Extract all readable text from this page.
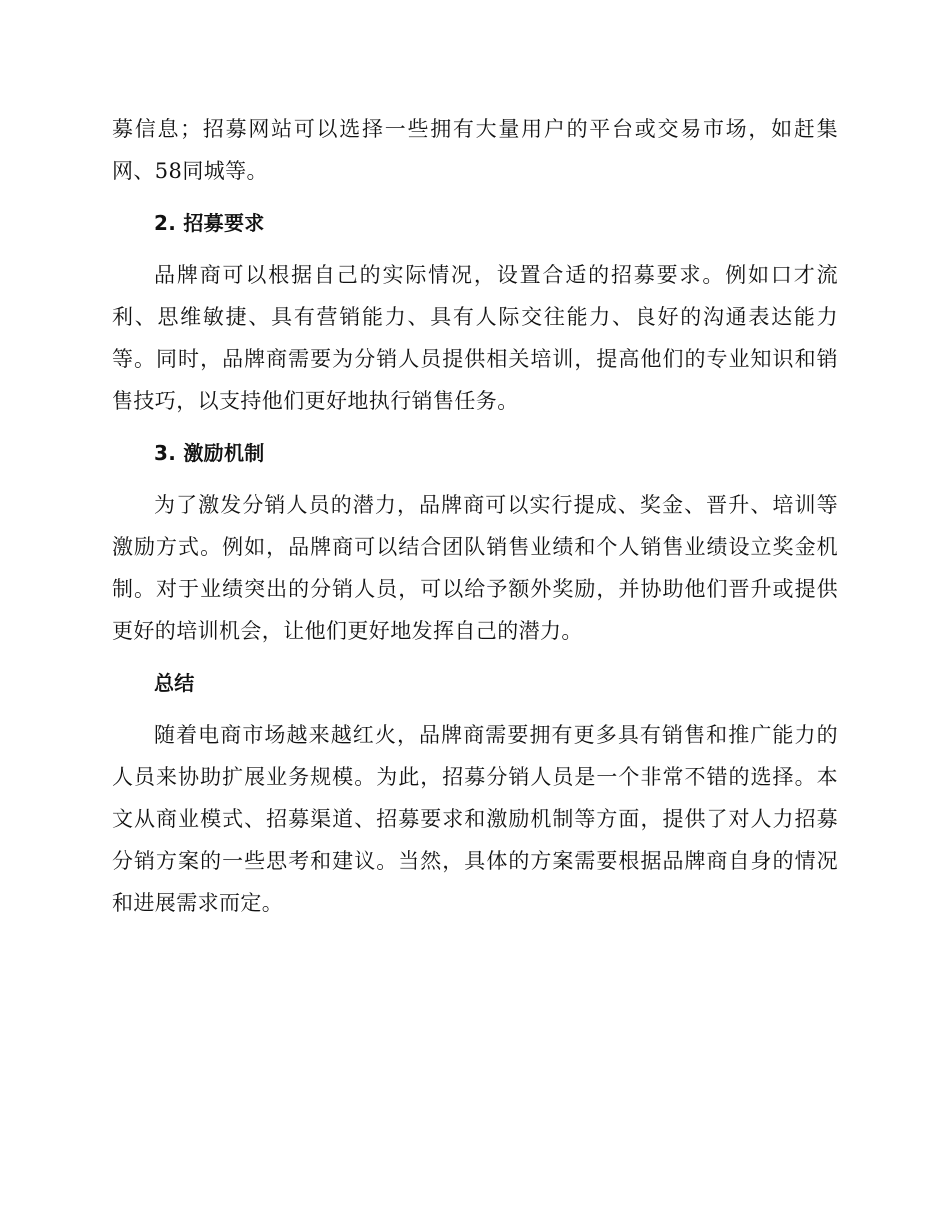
募信息；招募网站可以选择一些拥有大量用户的平台或交易市场，如赶集网、58同城等。

2. 招募要求

品牌商可以根据自己的实际情况，设置合适的招募要求。例如口才流利、思维敏捷、具有营销能力、具有人际交往能力、良好的沟通表达能力等。同时，品牌商需要为分销人员提供相关培训，提高他们的专业知识和销售技巧，以支持他们更好地执行销售任务。

3. 激励机制

为了激发分销人员的潜力，品牌商可以实行提成、奖金、晋升、培训等激励方式。例如，品牌商可以结合团队销售业绩和个人销售业绩设立奖金机制。对于业绩突出的分销人员，可以给予额外奖励，并协助他们晋升或提供更好的培训机会，让他们更好地发挥自己的潜力。

总结

随着电商市场越来越红火，品牌商需要拥有更多具有销售和推广能力的人员来协助扩展业务规模。为此，招募分销人员是一个非常不错的选择。本文从商业模式、招募渠道、招募要求和激励机制等方面，提供了对人力招募分销方案的一些思考和建议。当然，具体的方案需要根据品牌商自身的情况和进展需求而定。
